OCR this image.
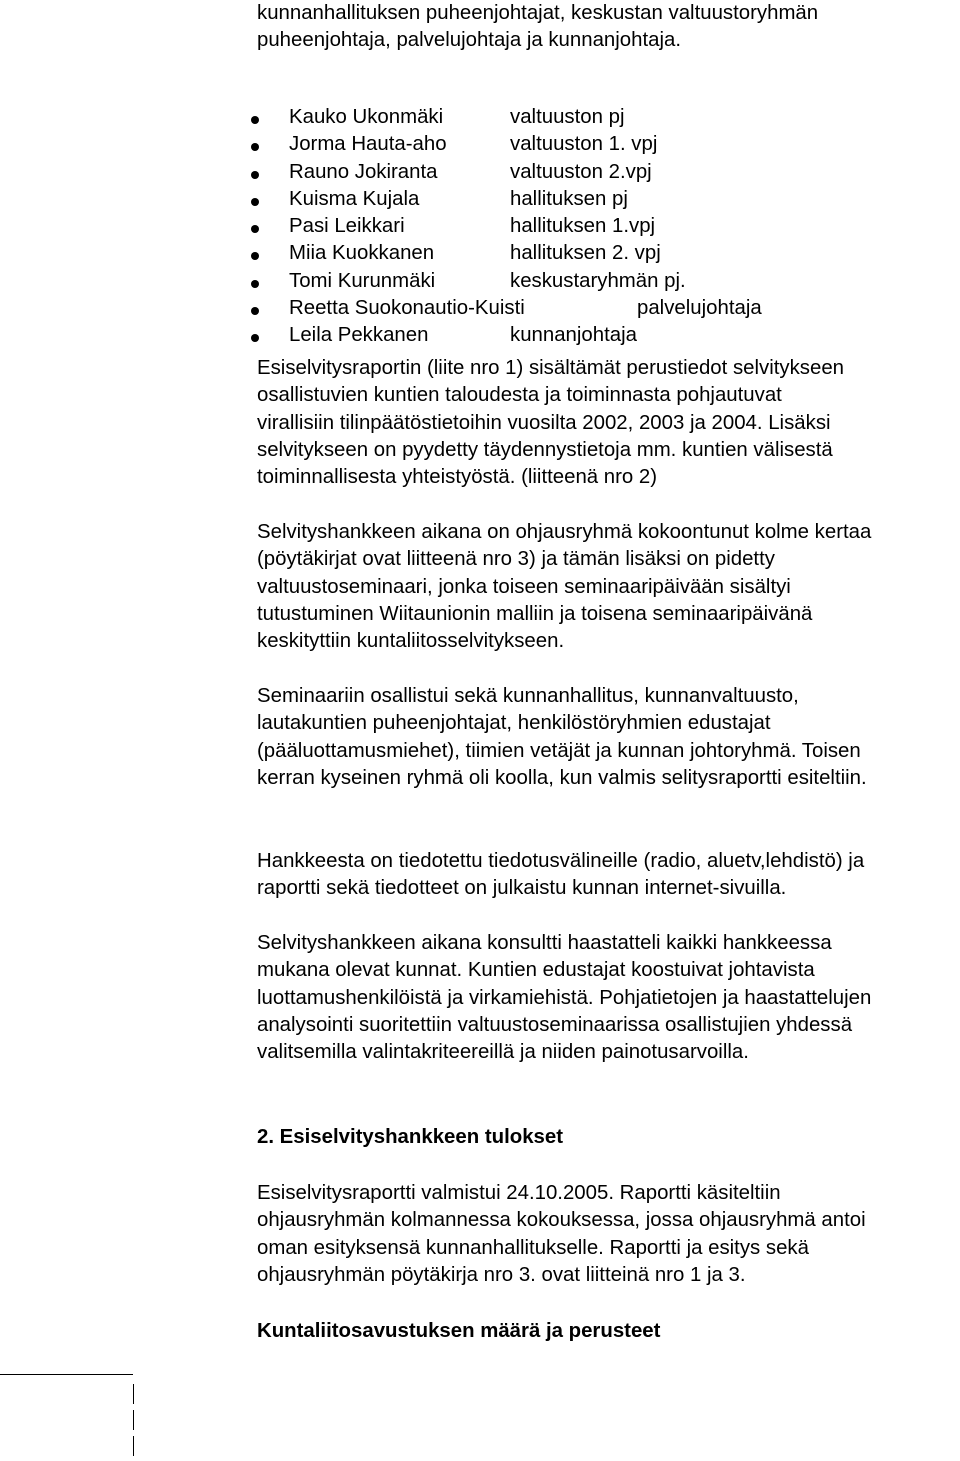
kunnanhallituksen puheenjohtajat, keskustan valtuustoryhmän
puheenjohtaja, palvelujohtaja ja kunnanjohtaja.
Kauko Ukonmäki	valtuuston pj
Jorma Hauta-aho	valtuuston 1. vpj
Rauno Jokiranta	valtuuston 2.vpj
Kuisma Kujala	hallituksen pj
Pasi Leikkari	hallituksen 1.vpj
Miia Kuokkanen	hallituksen 2. vpj
Tomi Kurunmäki	keskustaryhmän pj.
Reetta Suokonautio-Kuisti	palvelujohtaja
Leila Pekkanen	kunnanjohtaja
Esiselvitysraportin (liite nro 1) sisältämät perustiedot selvitykseen
osallistuvien kuntien taloudesta ja toiminnasta pohjautuvat
virallisiin tilinpäätöstietoihin vuosilta 2002, 2003 ja 2004. Lisäksi
selvitykseen on pyydetty täydennystietoja mm. kuntien välisestä
toiminnallisesta yhteistyöstä. (liitteenä nro 2)
Selvityshankkeen aikana on ohjausryhmä kokoontunut kolme kertaa
(pöytäkirjat ovat liitteenä nro 3) ja tämän lisäksi on pidetty
valtuustoseminaari, jonka toiseen seminaaripäivään sisältyi
tutustuminen Wiitaunionin malliin ja toisena seminaaripäivänä
keskityttiin kuntaliitosselvitykseen.
Seminaariin osallistui sekä kunnanhallitus, kunnanvaltuusto,
lautakuntien puheenjohtajat, henkilöstöryhmien edustajat
(pääluottamusmiehet), tiimien vetäjät ja kunnan johtoryhmä. Toisen
kerran kyseinen ryhmä oli koolla, kun valmis selitysraportti esiteltiin.
Hankkeesta on tiedotettu tiedotusvälineille (radio, aluetv,lehdistö) ja
raportti sekä tiedotteet on julkaistu kunnan internet-sivuilla.
Selvityshankkeen aikana konsultti haastatteli kaikki hankkeessa
mukana olevat kunnat. Kuntien edustajat koostuivat johtavista
luottamushenkilöistä ja virkamiehistä. Pohjatietojen ja haastattelujen
analysointi suoritettiin valtuustoseminaarissa osallistujien yhdessä
valitsemilla valintakriteereillä ja niiden painotusarvoilla.
2. Esiselvityshankkeen tulokset
Esiselvitysraportti valmistui 24.10.2005. Raportti käsiteltiin
ohjausryhmän kolmannessa kokouksessa, jossa ohjausryhmä antoi
oman esityksensä kunnanhallitukselle. Raportti ja esitys sekä
ohjausryhmän pöytäkirja nro 3. ovat liitteinä nro 1 ja 3.
Kuntaliitosavustuksen määrä ja perusteet
